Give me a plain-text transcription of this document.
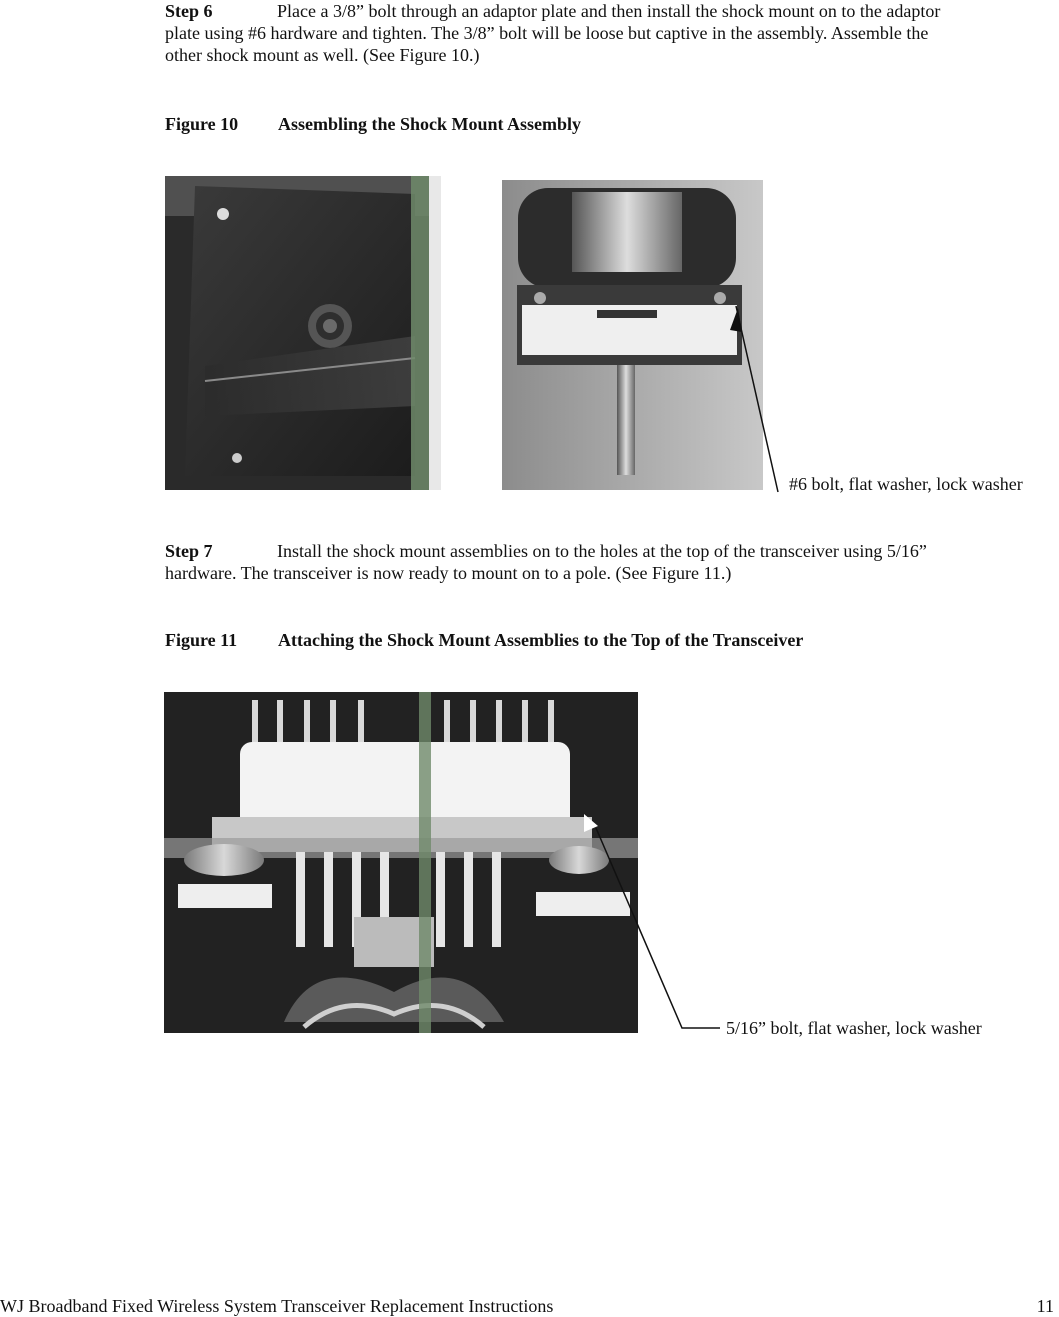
Step 6	Place a 3/8” bolt through an adaptor plate and then install the shock mount on to the adaptor
plate using #6 hardware and tighten. The 3/8” bolt will be loose but captive in the assembly. Assemble the
other shock mount as well. (See Figure 10.)
Figure 10 Assembling the Shock Mount Assembly
#6 bolt, flat washer, lock washer
Step 7	Install the shock mount assemblies on to the holes at the top of the transceiver using 5/16”
hardware. The transceiver is now ready to mount on to a pole. (See Figure 11.)
Figure 11 Attaching the Shock Mount Assemblies to the Top of the Transceiver
5/16” bolt, flat washer, lock washer
WJ Broadband Fixed Wireless System Transceiver Replacement Instructions	11
